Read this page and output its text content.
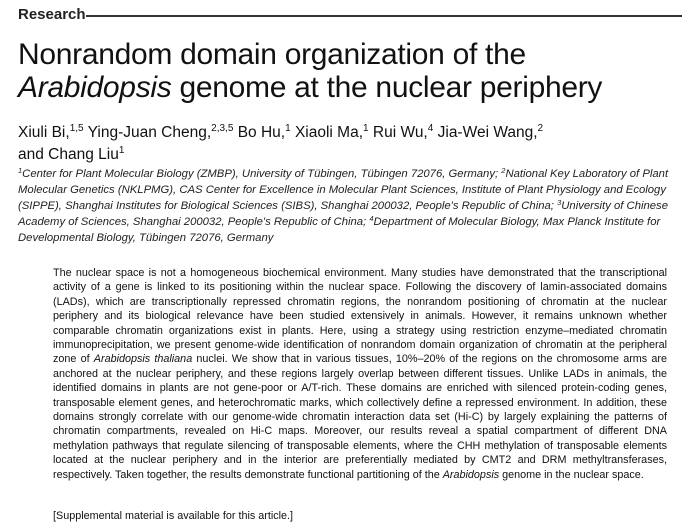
Research
Nonrandom domain organization of the Arabidopsis genome at the nuclear periphery
Xiuli Bi,$^{1,5}$ Ying-Juan Cheng,$^{2,3,5}$ Bo Hu,$^1$ Xiaoli Ma,$^1$ Rui Wu,$^4$ Jia-Wei Wang,$^2$
and Chang Liu$^1$
$^1$Center for Plant Molecular Biology (ZMBP), University of Tübingen, Tübingen 72076, Germany; $^2$National Key Laboratory of Plant Molecular Genetics (NKLPMG), CAS Center for Excellence in Molecular Plant Sciences, Institute of Plant Physiology and Ecology (SIPPE), Shanghai Institutes for Biological Sciences (SIBS), Shanghai 200032, People's Republic of China; $^3$University of Chinese Academy of Sciences, Shanghai 200032, People's Republic of China; $^4$Department of Molecular Biology, Max Planck Institute for Developmental Biology, Tübingen 72076, Germany
The nuclear space is not a homogeneous biochemical environment. Many studies have demonstrated that the transcriptional activity of a gene is linked to its positioning within the nuclear space. Following the discovery of lamin-associated domains (LADs), which are transcriptionally repressed chromatin regions, the nonrandom positioning of chromatin at the nuclear periphery and its biological relevance have been studied extensively in animals. However, it remains unknown whether comparable chromatin organizations exist in plants. Here, using a strategy using restriction enzyme–mediated chromatin immunoprecipitation, we present genome-wide identification of nonrandom domain organization of chromatin at the peripheral zone of Arabidopsis thaliana nuclei. We show that in various tissues, 10%–20% of the regions on the chromosome arms are anchored at the nuclear periphery, and these regions largely overlap between different tissues. Unlike LADs in animals, the identified domains in plants are not gene-poor or A/T-rich. These domains are enriched with silenced protein-coding genes, transposable element genes, and heterochromatic marks, which collectively define a repressed environment. In addition, these domains strongly correlate with our genome-wide chromatin interaction data set (Hi-C) by largely explaining the patterns of chromatin compartments, revealed on Hi-C maps. Moreover, our results reveal a spatial compartment of different DNA methylation pathways that regulate silencing of transposable elements, where the CHH methylation of transposable elements located at the nuclear periphery and in the interior are preferentially mediated by CMT2 and DRM methyltransferases, respectively. Taken together, the results demonstrate functional partitioning of the Arabidopsis genome in the nuclear space.
[Supplemental material is available for this article.]
